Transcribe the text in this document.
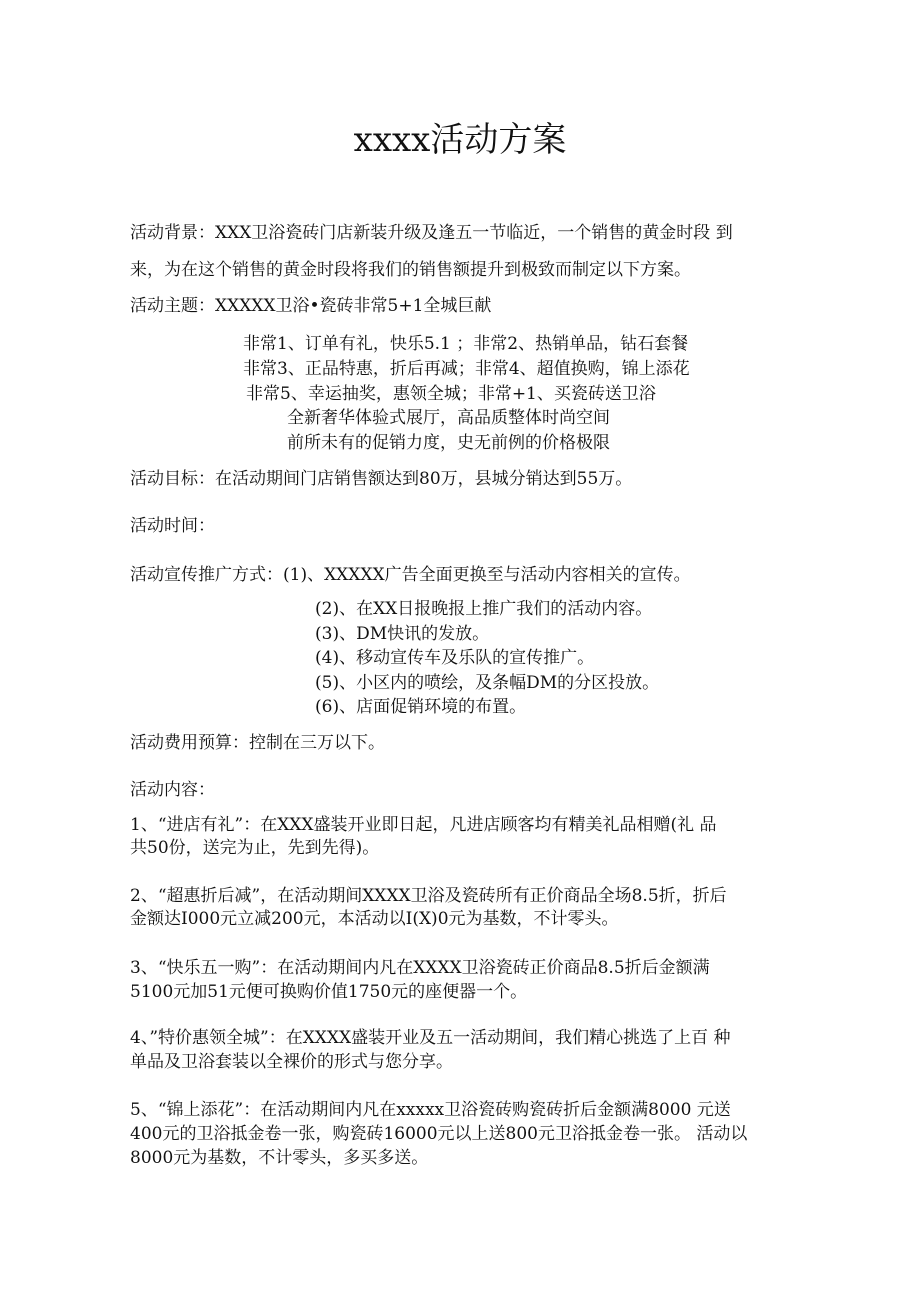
xxxx活动方案
活动背景：XXX卫浴瓷砖门店新装升级及逢五一节临近，一个销售的黄金时段 到
来，为在这个销售的黄金时段将我们的销售额提升到极致而制定以下方案。
活动主题：XXXXX卫浴•瓷砖非常5+1全城巨献
非常1、订单有礼，快乐5.1 ；非常2、热销单品，钻石套餐
非常3、正品特惠，折后再减；非常4、超值换购，锦上添花
非常5、幸运抽奖，惠领全城；非常+1、买瓷砖送卫浴
全新奢华体验式展厅，高品质整体时尚空间
前所未有的促销力度，史无前例的价格极限
活动目标：在活动期间门店销售额达到80万，县城分销达到55万。
活动时间：
活动宣传推广方式：(1)、XXXXX广告全面更换至与活动内容相关的宣传。
(2)、在XX日报晚报上推广我们的活动内容。
(3)、DM快讯的发放。
(4)、移动宣传车及乐队的宣传推广。
(5)、小区内的喷绘，及条幅DM的分区投放。
(6)、店面促销环境的布置。
活动费用预算：控制在三万以下。
活动内容：
1、“进店有礼”：在XXX盛装开业即日起，凡进店顾客均有精美礼品相赠(礼 品
共50份，送完为止，先到先得)。
2、“超惠折后减”，在活动期间XXXX卫浴及瓷砖所有正价商品全场8.5折，折后
金额达I000元立减200元，本活动以I(X)0元为基数，不计零头。
3、“快乐五一购”：在活动期间内凡在XXXX卫浴瓷砖正价商品8.5折后金额满
5100元加51元便可换购价值1750元的座便器一个。
4、”特价惠领全城”：在XXXX盛装开业及五一活动期间，我们精心挑选了上百 种
单品及卫浴套装以全裸价的形式与您分享。
5、“锦上添花”：在活动期间内凡在xxxxx卫浴瓷砖购瓷砖折后金额满8000 元送
400元的卫浴抵金卷一张，购瓷砖16000元以上送800元卫浴抵金卷一张。 活动以
8000元为基数，不计零头，多买多送。
